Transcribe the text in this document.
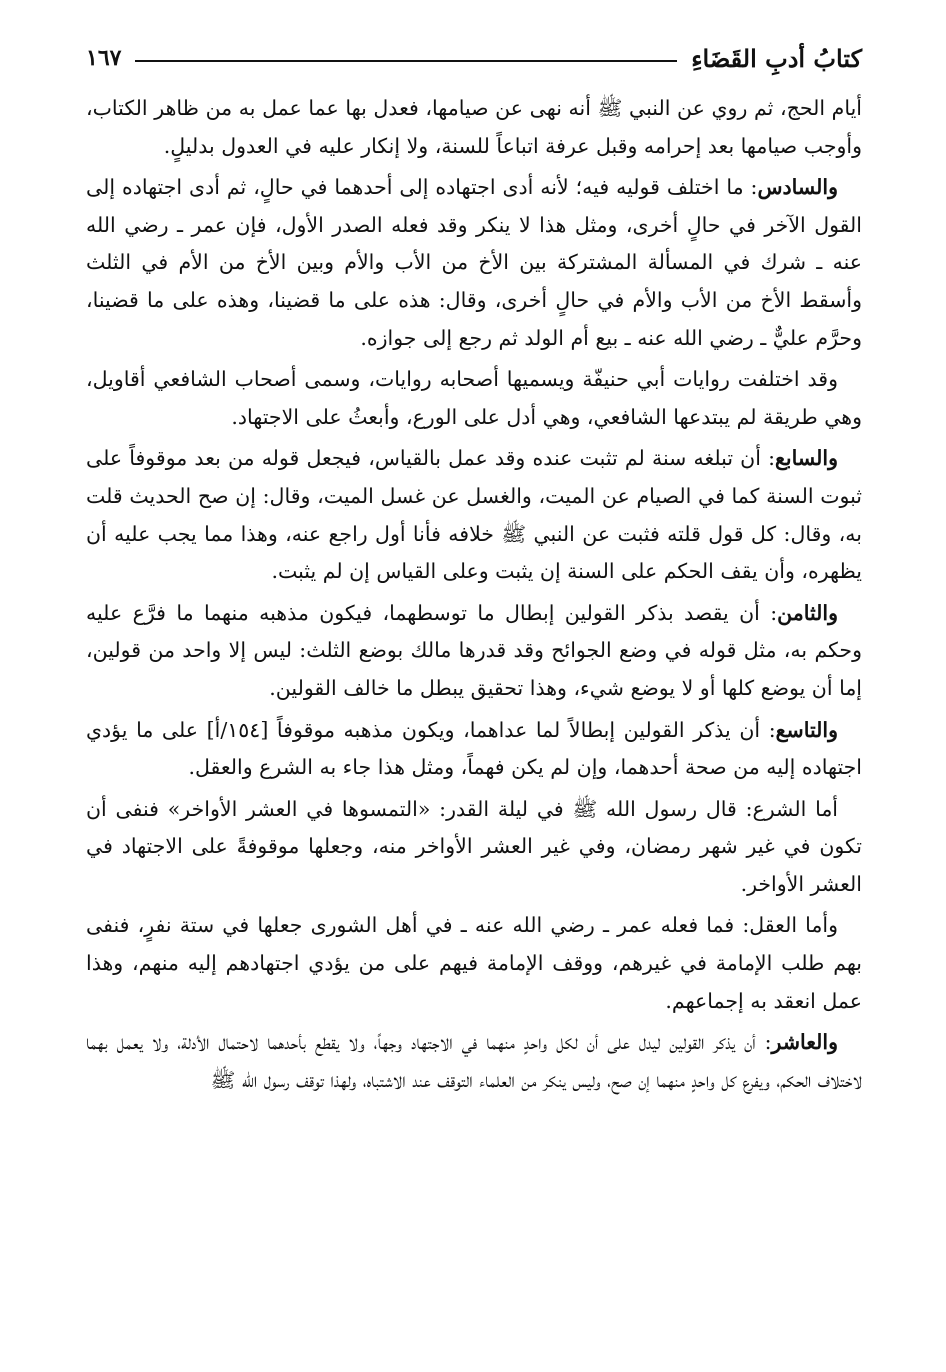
كتابُ أدبِ القَضَاءِ
١٦٧

أيام الحج، ثم روي عن النبي ﷺ أنه نهى عن صيامها، فعدل بها عما عمل به من ظاهر الكتاب، وأوجب صيامها بعد إحرامه وقبل عرفة اتباعاً للسنة، ولا إنكار عليه في العدول بدليلٍ.

والسادس: ما اختلف قوليه فيه؛ لأنه أدى اجتهاده إلى أحدهما في حالٍ، ثم أدى اجتهاده إلى القول الآخر في حالٍ أخرى، ومثل هذا لا ينكر وقد فعله الصدر الأول، فإن عمر ـ رضي الله عنه ـ شرك في المسألة المشتركة بين الأخ من الأب والأم وبين الأخ من الأم في الثلث وأسقط الأخ من الأب والأم في حالٍ أخرى، وقال: هذه على ما قضينا، وهذه على ما قضينا، وحرَّم عليٌّ ـ رضي الله عنه ـ بيع أم الولد ثم رجع إلى جوازه.

وقد اختلفت روايات أبي حنيفّة ويسميها أصحابه روايات، وسمى أصحاب الشافعي أقاويل، وهي طريقة لم يبتدعها الشافعي، وهي أدل على الورع، وأبعثُ على الاجتهاد.

والسابع: أن تبلغه سنة لم تثبت عنده وقد عمل بالقياس، فيجعل قوله من بعد موقوفاً على ثبوت السنة كما في الصيام عن الميت، والغسل عن غسل الميت، وقال: إن صح الحديث قلت به، وقال: كل قول قلته فثبت عن النبي ﷺ خلافه فأنا أول راجع عنه، وهذا مما يجب عليه أن يظهره، وأن يقف الحكم على السنة إن يثبت وعلى القياس إن لم يثبت.

والثامن: أن يقصد بذكر القولين إبطال ما توسطهما، فيكون مذهبه منهما ما فرَّع عليه وحكم به، مثل قوله في وضع الجوائح وقد قدرها مالك بوضع الثلث: ليس إلا واحد من قولين، إما أن يوضع كلها أو لا يوضع شيء، وهذا تحقيق يبطل ما خالف القولين.

والتاسع: أن يذكر القولين إبطالاً لما عداهما، ويكون مذهبه موقوفاً [١٥٤/أ] على ما يؤدي اجتهاده إليه من صحة أحدهما، وإن لم يكن فهماً، ومثل هذا جاء به الشرع والعقل.

أما الشرع: قال رسول الله ﷺ في ليلة القدر: «التمسوها في العشر الأواخر» فنفى أن تكون في غير شهر رمضان، وفي غير العشر الأواخر منه، وجعلها موقوفةً على الاجتهاد في العشر الأواخر.

وأما العقل: فما فعله عمر ـ رضي الله عنه ـ في أهل الشورى جعلها في ستة نفرٍ، فنفى بهم طلب الإمامة في غيرهم، ووقف الإمامة فيهم على من يؤدي اجتهادهم إليه منهم، وهذا عمل انعقد به إجماعهم.

والعاشر: أن يذكر القولين ليدل على أن لكل واحدٍ منهما في الاجتهاد وجهاً، ولا يقطع بأحدهما لاحتمال الأدلة، ولا يعمل بهما لاختلاف الحكم، ويفرع كل واحدٍ منهما إن صح، وليس ينكر من العلماء التوقف عند الاشتباه، ولهذا توقف رسول الله ﷺ
